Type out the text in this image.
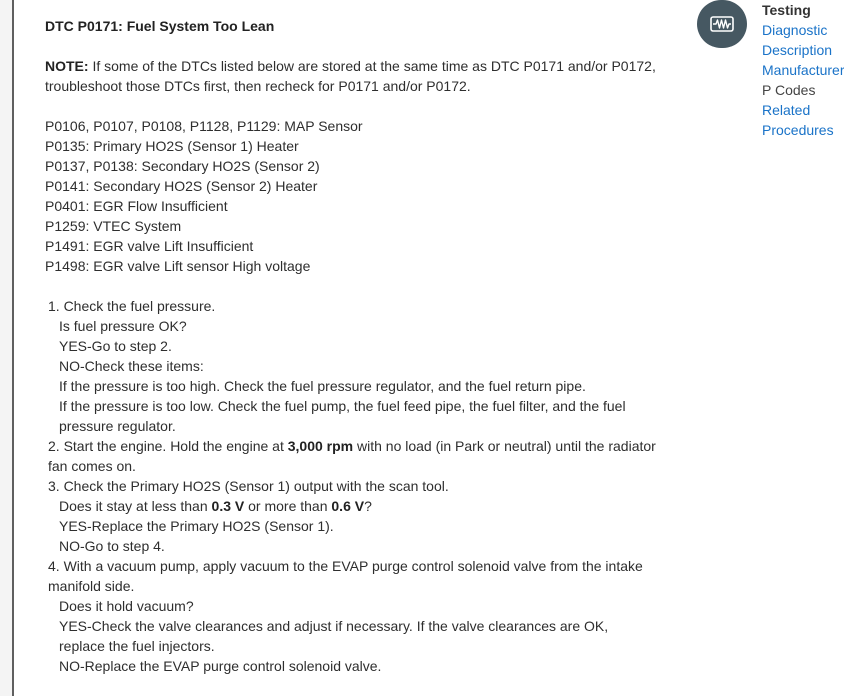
DTC P0171: Fuel System Too Lean
NOTE: If some of the DTCs listed below are stored at the same time as DTC P0171 and/or P0172, troubleshoot those DTCs first, then recheck for P0171 and/or P0172.
P0106, P0107, P0108, P1128, P1129: MAP Sensor
P0135: Primary HO2S (Sensor 1) Heater
P0137, P0138: Secondary HO2S (Sensor 2)
P0141: Secondary HO2S (Sensor 2) Heater
P0401: EGR Flow Insufficient
P1259: VTEC System
P1491: EGR valve Lift Insufficient
P1498: EGR valve Lift sensor High voltage
1. Check the fuel pressure.
Is fuel pressure OK?
YES-Go to step 2.
NO-Check these items:
If the pressure is too high. Check the fuel pressure regulator, and the fuel return pipe.
If the pressure is too low. Check the fuel pump, the fuel feed pipe, the fuel filter, and the fuel pressure regulator.
2. Start the engine. Hold the engine at 3,000 rpm with no load (in Park or neutral) until the radiator fan comes on.
3. Check the Primary HO2S (Sensor 1) output with the scan tool.
Does it stay at less than 0.3 V or more than 0.6 V?
YES-Replace the Primary HO2S (Sensor 1).
NO-Go to step 4.
4. With a vacuum pump, apply vacuum to the EVAP purge control solenoid valve from the intake manifold side.
Does it hold vacuum?
YES-Check the valve clearances and adjust if necessary. If the valve clearances are OK, replace the fuel injectors.
NO-Replace the EVAP purge control solenoid valve.
Testing
Diagnostic
Description
Manufacturer
P Codes
Related
Procedures
